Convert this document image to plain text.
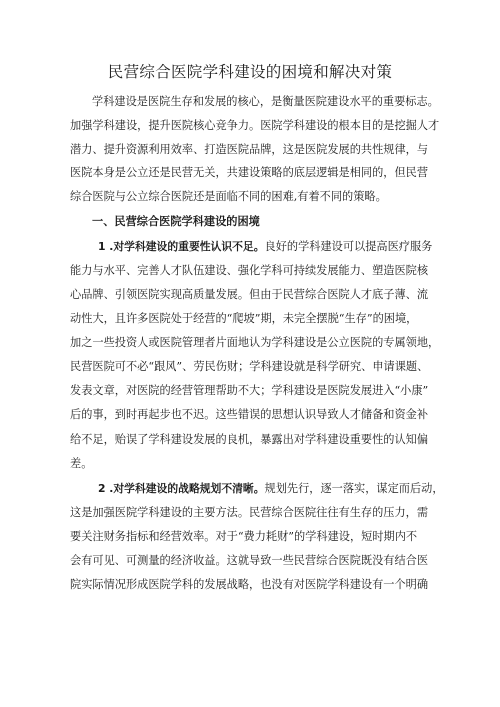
民营综合医院学科建设的困境和解决对策
学科建设是医院生存和发展的核心，是衡量医院建设水平的重要标志。
加强学科建设，提升医院核心竞争力。医院学科建设的根本目的是挖掘人才
潜力、提升资源利用效率、打造医院品牌，这是医院发展的共性规律，与
医院本身是公立还是民营无关，共建设策略的底层逻辑是相同的，但民营
综合医院与公立综合医院还是面临不同的困难,有着不同的策略。
一、民营综合医院学科建设的困境
1 .对学科建设的重要性认识不足。良好的学科建设可以提高医疗服务
能力与水平、完善人才队伍建设、强化学科可持续发展能力、塑造医院核
心品牌、引领医院实现高质量发展。但由于民营综合医院人才底子薄、流
动性大，且许多医院处于经营的“爬坡”期，未完全摆脱“生存”的困境，
加之一些投资人或医院管理者片面地认为学科建设是公立医院的专属领地，
民营医院可不必“跟风”、劳民伤财；学科建设就是科学研究、申请课题、
发表文章，对医院的经营管理帮助不大；学科建设是医院发展进入“小康”
后的事，到时再起步也不迟。这些错误的思想认识导致人才储备和资金补
给不足，贻误了学科建设发展的良机，暴露出对学科建设重要性的认知偏
差。
2 .对学科建设的战略规划不清晰。规划先行，逐一落实，谋定而后动，
这是加强医院学科建设的主要方法。民营综合医院往往有生存的压力，需
要关注财务指标和经营效率。对于“费力耗财”的学科建设，短时期内不
会有可见、可测量的经济收益。这就导致一些民营综合医院既没有结合医
院实际情况形成医院学科的发展战略，也没有对医院学科建设有一个明确
